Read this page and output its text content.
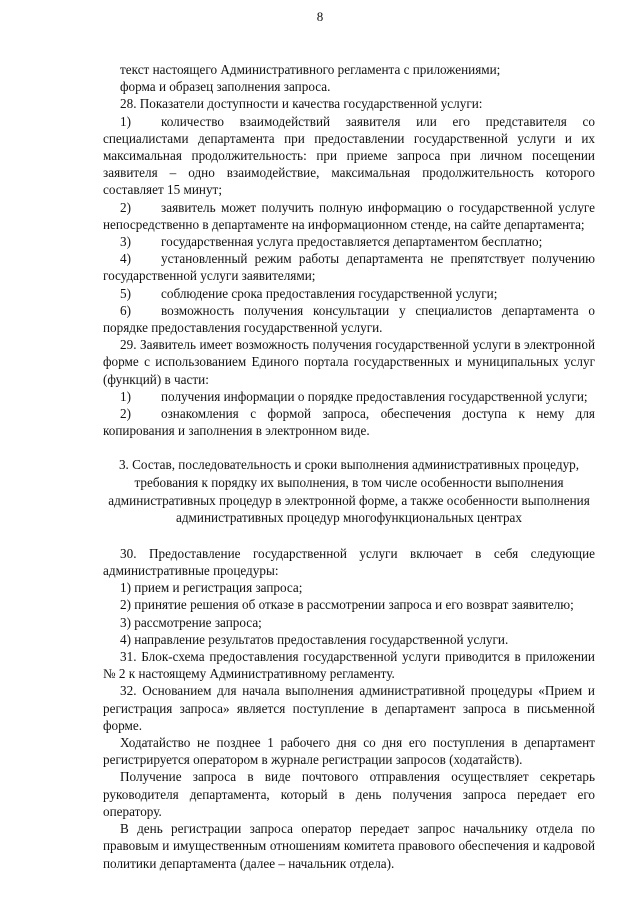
8

текст настоящего Административного регламента с приложениями;

форма и образец заполнения запроса.

28. Показатели доступности и качества государственной услуги:

1) количество взаимодействий заявителя или его представителя со специалистами департамента при предоставлении государственной услуги и их максимальная продолжительность: при приеме запроса при личном посещении заявителя – одно взаимодействие, максимальная продолжительность которого составляет 15 минут;

2) заявитель может получить полную информацию о государственной услуге непосредственно в департаменте на информационном стенде, на сайте департамента;

3) государственная услуга предоставляется департаментом бесплатно;

4) установленный режим работы департамента не препятствует получению государственной услуги заявителями;

5) соблюдение срока предоставления государственной услуги;

6) возможность получения консультации у специалистов департамента о порядке предоставления государственной услуги.

29. Заявитель имеет возможность получения государственной услуги в электронной форме с использованием Единого портала государственных и муниципальных услуг (функций) в части:

1) получения информации о порядке предоставления государственной услуги;

2) ознакомления с формой запроса, обеспечения доступа к нему для копирования и заполнения в электронном виде.

3. Состав, последовательность и сроки выполнения административных процедур, требования к порядку их выполнения, в том числе особенности выполнения административных процедур в электронной форме, а также особенности выполнения административных процедур многофункциональных центрах

30. Предоставление государственной услуги включает в себя следующие административные процедуры:

1) прием и регистрация запроса;

2) принятие решения об отказе в рассмотрении запроса и его возврат заявителю;

3) рассмотрение запроса;

4) направление результатов предоставления государственной услуги.

31. Блок-схема предоставления государственной услуги приводится в приложении № 2 к настоящему Административному регламенту.

32. Основанием для начала выполнения административной процедуры «Прием и регистрация запроса» является поступление в департамент запроса в письменной форме.

Ходатайство не позднее 1 рабочего дня со дня его поступления в департамент регистрируется оператором в журнале регистрации запросов (ходатайств).

Получение запроса в виде почтового отправления осуществляет секретарь руководителя департамента, который в день получения запроса передает его оператору.

В день регистрации запроса оператор передает запрос начальнику отдела по правовым и имущественным отношениям комитета правового обеспечения и кадровой политики департамента (далее – начальник отдела).
